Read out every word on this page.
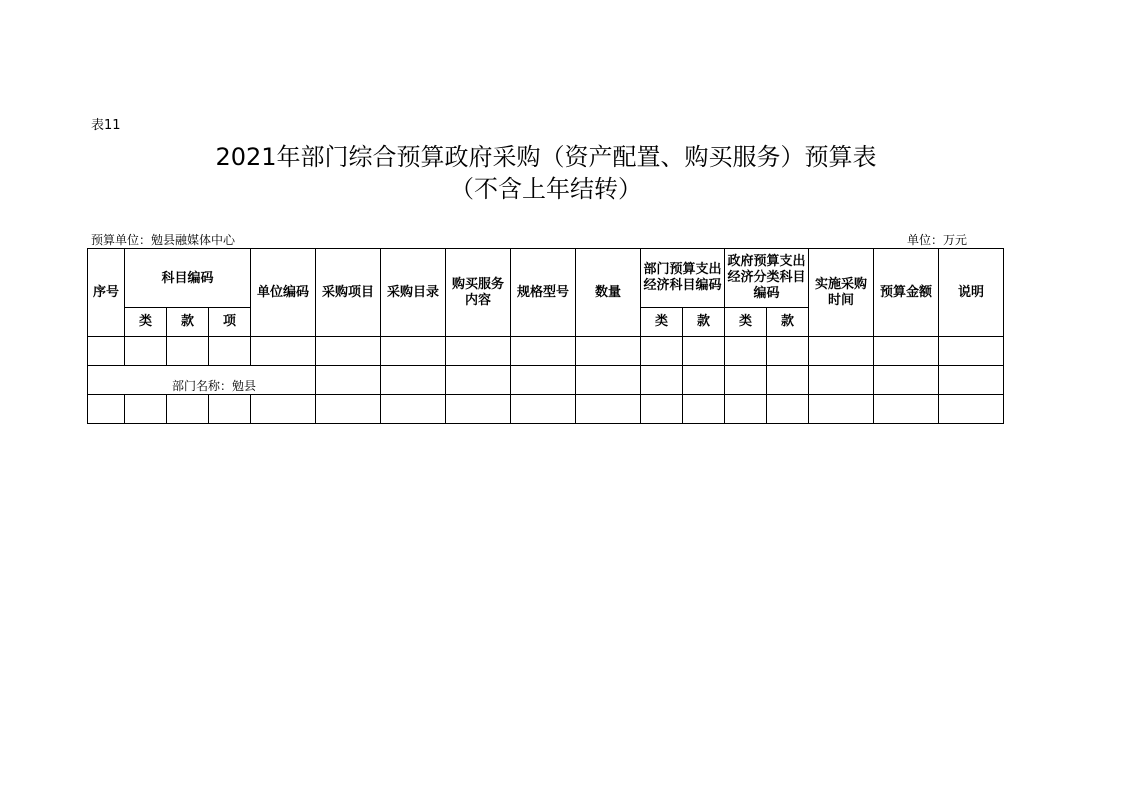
表11
2021年部门综合预算政府采购（资产配置、购买服务）预算表
（不含上年结转）
预算单位：勉县融媒体中心	单位：万元
序号	科目编码			单位编码	采购项目	采购目录	购买服务内容	规格型号	数量	部门预算支出经济科目编码		政府预算支出经济分类科目编码		实施采购时间	预算金额	说明
	类	款	项							类	款	类	款			

部门名称：勉县																
